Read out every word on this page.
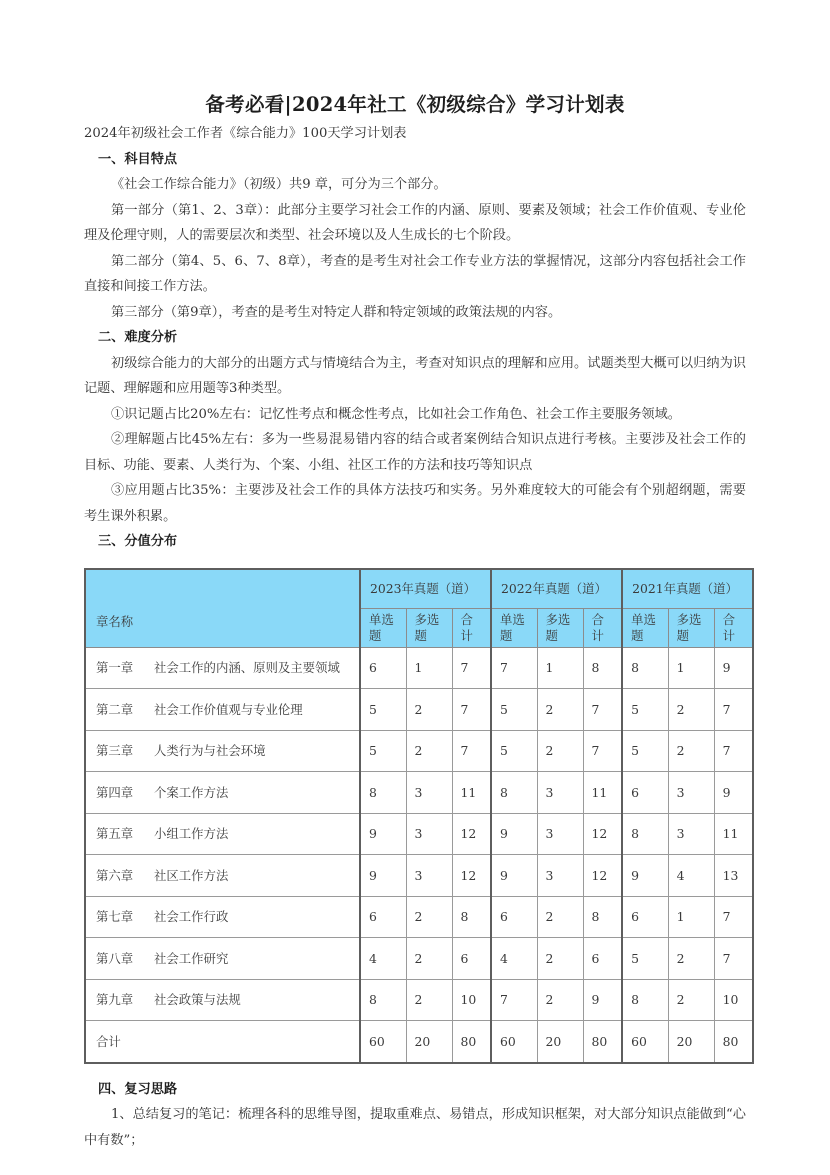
备考必看|2024年社工《初级综合》学习计划表

2024年初级社会工作者《综合能力》100天学习计划表

一、科目特点

《社会工作综合能力》（初级）共9 章，可分为三个部分。

第一部分（第1、2、3章）：此部分主要学习社会工作的内涵、原则、要素及领域；社会工作价值观、专业伦理及伦理守则，人的需要层次和类型、社会环境以及人生成长的七个阶段。

第二部分（第4、5、6、7、8章），考查的是考生对社会工作专业方法的掌握情况，这部分内容包括社会工作直接和间接工作方法。

第三部分（第9章），考查的是考生对特定人群和特定领域的政策法规的内容。

二、难度分析

初级综合能力的大部分的出题方式与情境结合为主，考查对知识点的理解和应用。试题类型大概可以归纳为识记题、理解题和应用题等3种类型。

①识记题占比20%左右：记忆性考点和概念性考点，比如社会工作角色、社会工作主要服务领域。

②理解题占比45%左右：多为一些易混易错内容的结合或者案例结合知识点进行考核。主要涉及社会工作的目标、功能、要素、人类行为、个案、小组、社区工作的方法和技巧等知识点

③应用题占比35%：主要涉及社会工作的具体方法技巧和实务。另外难度较大的可能会有个别超纲题，需要考生课外积累。

三、分值分布

章名称	2023年真题（道）			2022年真题（道）			2021年真题（道）		
	单选题	多选题	合计	单选题	多选题	合计	单选题	多选题	合计
第一章 社会工作的内涵、原则及主要领域	6	1	7	7	1	8	8	1	9
第二章 社会工作价值观与专业伦理	5	2	7	5	2	7	5	2	7
第三章 人类行为与社会环境	5	2	7	5	2	7	5	2	7
第四章 个案工作方法	8	3	11	8	3	11	6	3	9
第五章 小组工作方法	9	3	12	9	3	12	8	3	11
第六章 社区工作方法	9	3	12	9	3	12	9	4	13
第七章 社会工作行政	6	2	8	6	2	8	6	1	7
第八章 社会工作研究	4	2	6	4	2	6	5	2	7
第九章 社会政策与法规	8	2	10	7	2	9	8	2	10
合计	60	20	80	60	20	80	60	20	80

四、复习思路

1、总结复习的笔记：梳理各科的思维导图，提取重难点、易错点，形成知识框架，对大部分知识点能做到“心中有数”；
